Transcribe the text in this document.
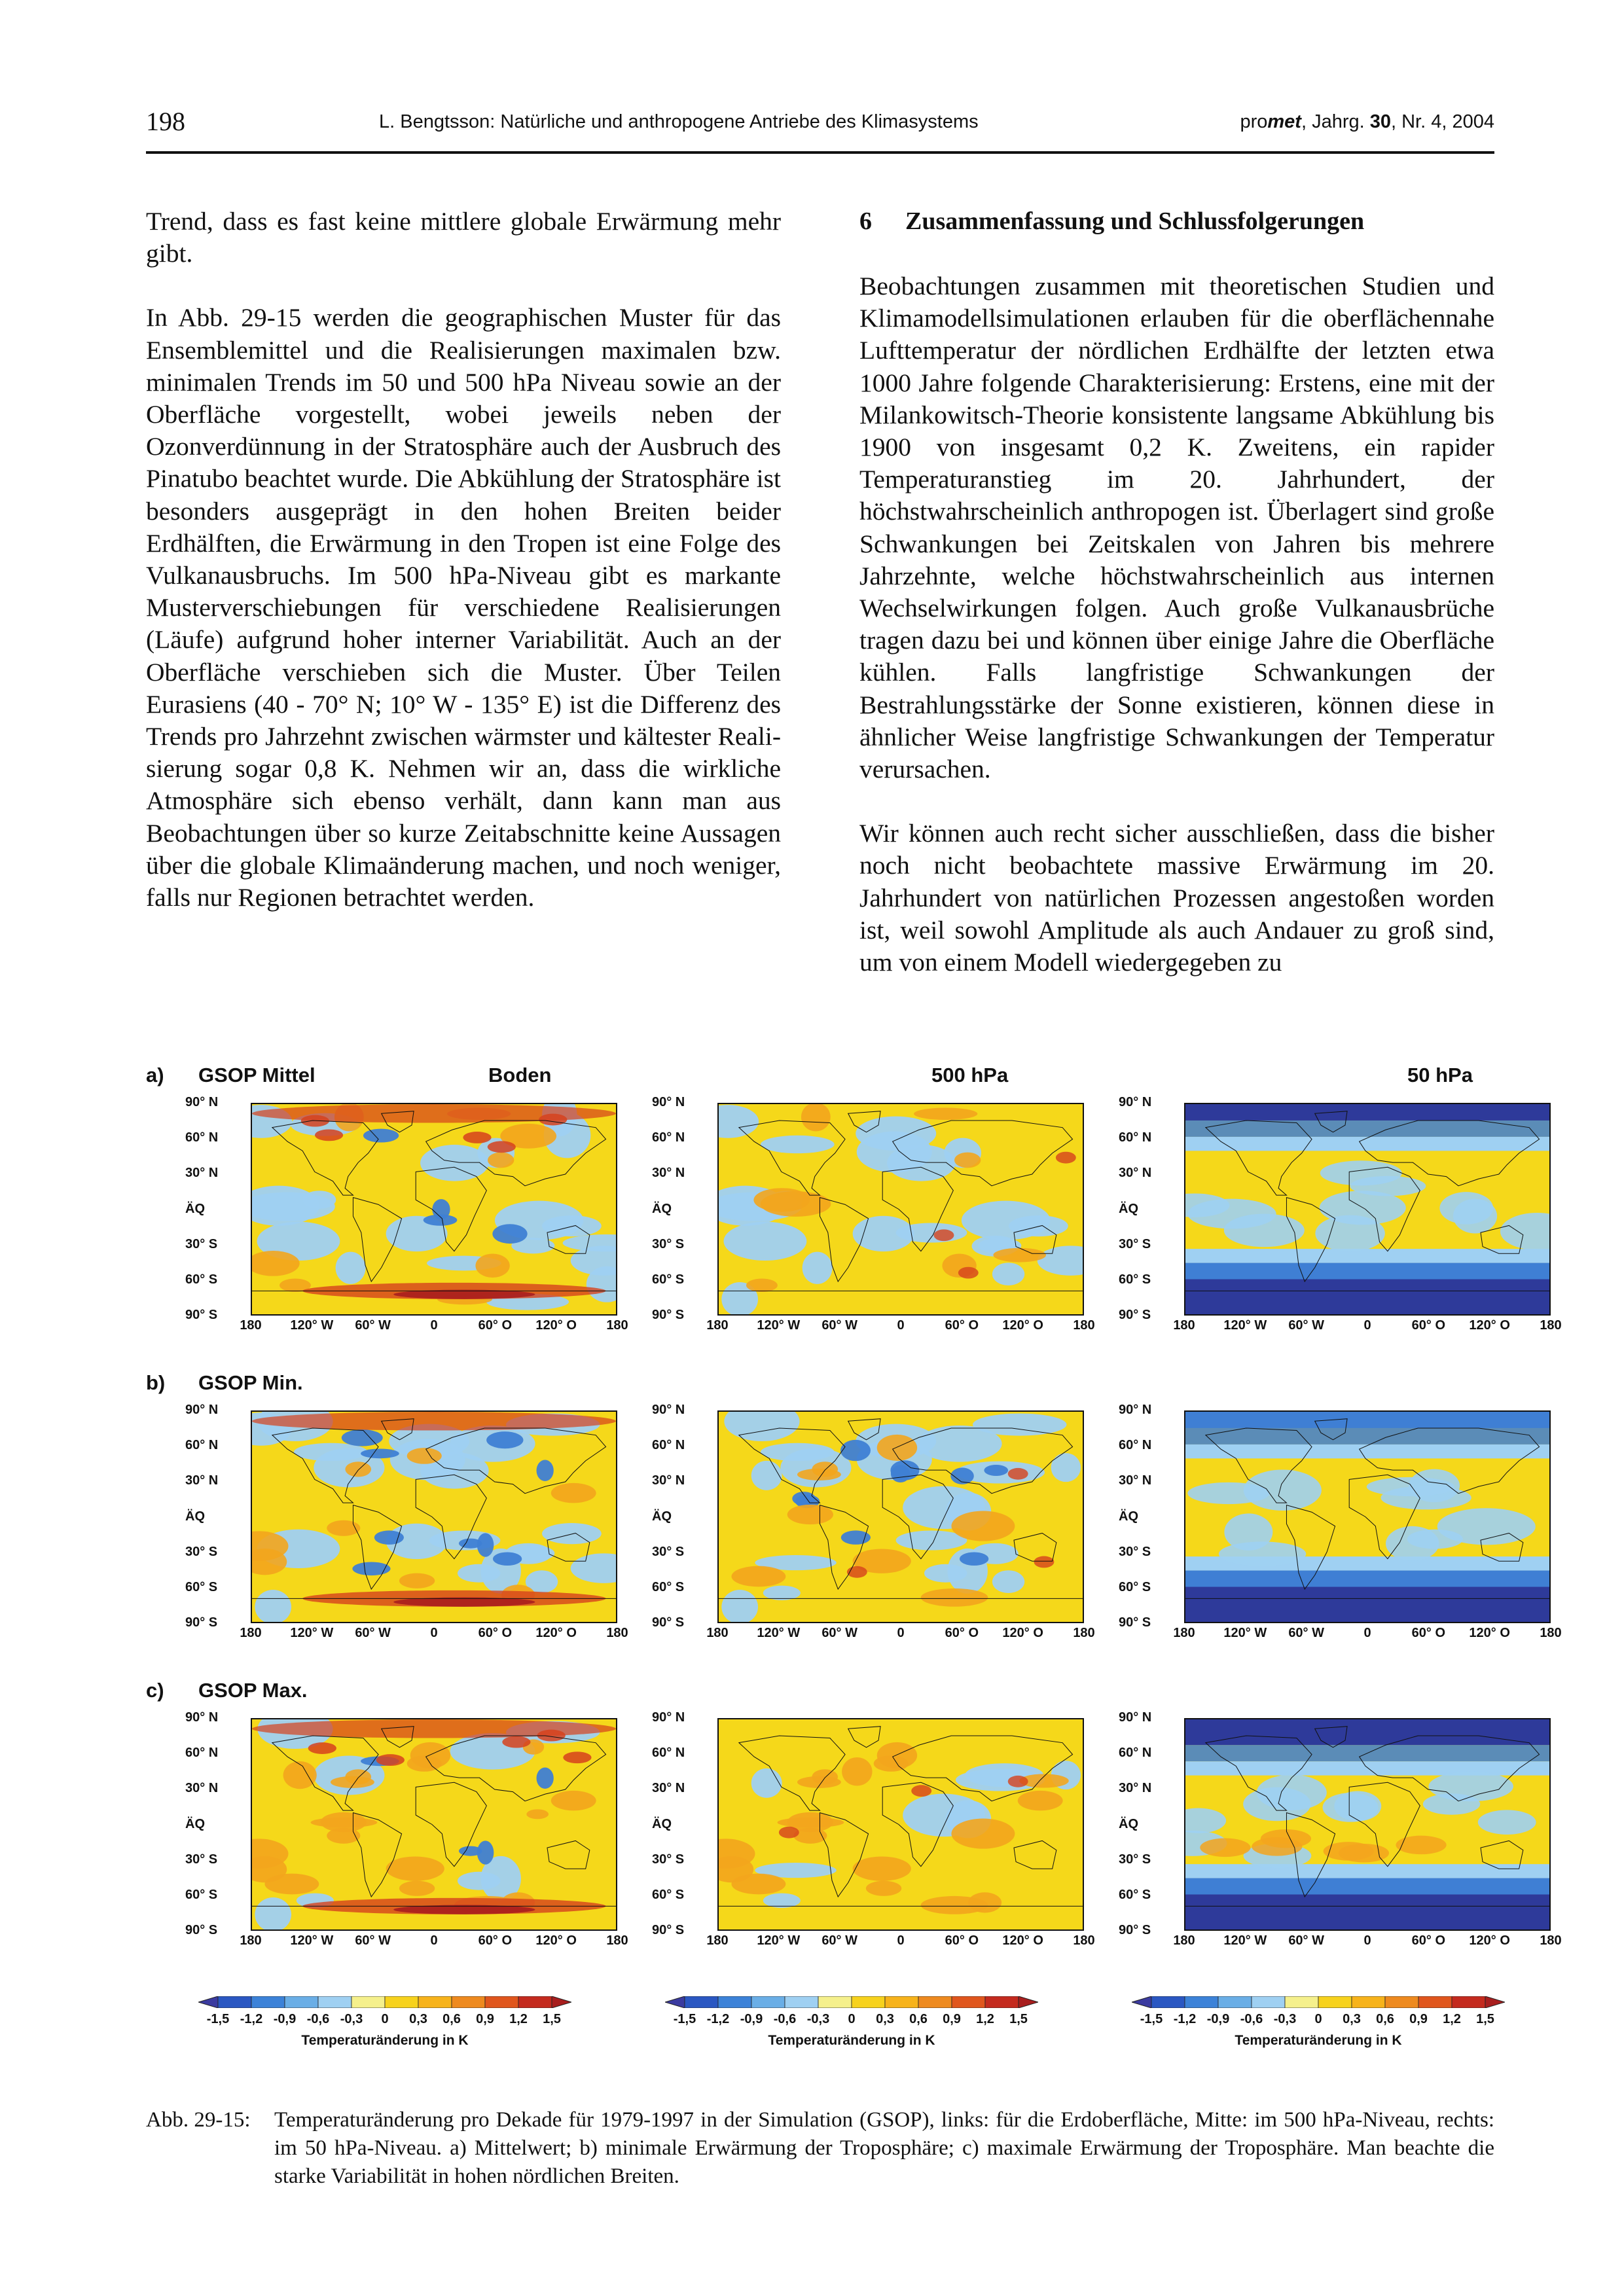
198	L. Bengtsson: Natürliche und anthropogene Antriebe des Klimasystems	promet, Jahrg. 30, Nr. 4, 2004

Trend, dass es fast keine mittlere globale Erwärmung mehr gibt.

In Abb. 29-15 werden die geographischen Muster für das Ensemblemittel und die Realisierungen maximalen bzw. minimalen Trends im 50 und 500 hPa Niveau sowie an der Oberfläche vorgestellt, wobei jeweils neben der Ozonverdünnung in der Stratosphäre auch der Ausbruch des Pinatubo beachtet wurde. Die Abkühlung der Stratosphäre ist besonders ausgeprägt in den hohen Breiten beider Erdhälften, die Erwärmung in den Tropen ist eine Folge des Vulkanausbruchs. Im 500 hPa-Niveau gibt es markante Musterverschiebungen für verschiedene Realisierungen (Läufe) aufgrund hoher interner Variabilität. Auch an der Oberfläche verschieben sich die Muster. Über Teilen Eurasiens (40 - 70° N; 10° W - 135° E) ist die Differenz des Trends pro Jahrzehnt zwischen wärmster und kältester Realisierung sogar 0,8 K. Nehmen wir an, dass die wirkliche Atmosphäre sich ebenso verhält, dann kann man aus Beobachtungen über so kurze Zeitabschnitte keine Aussagen über die globale Klimaänderung machen, und noch weniger, falls nur Regionen betrachtet werden.

6 Zusammenfassung und Schlussfolgerungen

Beobachtungen zusammen mit theoretischen Studien und Klimamodellsimulationen erlauben für die oberflächennahe Lufttemperatur der nördlichen Erdhälfte der letzten etwa 1000 Jahre folgende Charakterisierung: Erstens, eine mit der Milankowitsch-Theorie konsistente langsame Abkühlung bis 1900 von insgesamt 0,2 K. Zweitens, ein rapider Temperaturanstieg im 20. Jahrhundert, der höchstwahrscheinlich anthropogen ist. Überlagert sind große Schwankungen bei Zeitskalen von Jahren bis mehrere Jahrzehnte, welche höchstwahrscheinlich aus internen Wechselwirkungen folgen. Auch große Vulkanausbrüche tragen dazu bei und können über einige Jahre die Oberfläche kühlen. Falls langfristige Schwankungen der Bestrahlungsstärke der Sonne existieren, können diese in ähnlicher Weise langfristige Schwankungen der Temperatur verursachen.

Wir können auch recht sicher ausschließen, dass die bisher noch nicht beobachtete massive Erwärmung im 20. Jahrhundert von natürlichen Prozessen angestoßen worden ist, weil sowohl Amplitude als auch Andauer zu groß sind, um von einem Modell wiedergegeben zu

a) GSOP Mittel	Boden	500 hPa	50 hPa
b) GSOP Min.
c) GSOP Max.
90° N
60° N
30° N
ÄQ
30° S
60° S
90° S
180 120° W 60° W	0	60° O 120° O 180
90° N
60° N
30° N
ÄQ
30° S
60° S
90° S
180 120° W 60° W	0	60° O 120° O 180
90° N
60° N
30° N
ÄQ
30° S
60° S
90° S
180 120° W 60° W	0	60° O 120° O 180
90° N
60° N
30° N
ÄQ
30° S
60° S
90° S
180 120° W 60° W	0	60° O 120° O 180
90° N
60° N
30° N
ÄQ
30° S
60° S
90° S
180 120° W 60° W	0	60° O 120° O 180
90° N
60° N
30° N
ÄQ
30° S
60° S
90° S
180 120° W 60° W	0	60° O 120° O 180
90° N
60° N
30° N
ÄQ
30° S
60° S
90° S
180 120° W 60° W	0	60° O 120° O 180
90° N
60° N
30° N
ÄQ
30° S
60° S
90° S
180 120° W 60° W	0	60° O 120° O 180
90° N
60° N
30° N
ÄQ
30° S
60° S
90° S
180 120° W 60° W	0	60° O 120° O 180
-1,5 -1,2 -0,9 -0,6 -0,3 0 0,3 0,6 0,9 1,2 1,5
Temperaturänderung in K
-1,5 -1,2 -0,9 -0,6 -0,3 0 0,3 0,6 0,9 1,2 1,5
Temperaturänderung in K
-1,5 -1,2 -0,9 -0,6 -0,3 0 0,3 0,6 0,9 1,2 1,5
Temperaturänderung in K
Abb. 29-15: Temperaturänderung pro Dekade für 1979-1997 in der Simulation (GSOP), links: für die Erdoberfläche, Mitte: im 500 hPa-Niveau, rechts: im 50 hPa-Niveau. a) Mittelwert; b) minimale Erwärmung der Troposphäre; c) maximale Erwärmung der Troposphäre. Man beachte die starke Variabilität in hohen nördlichen Breiten.
